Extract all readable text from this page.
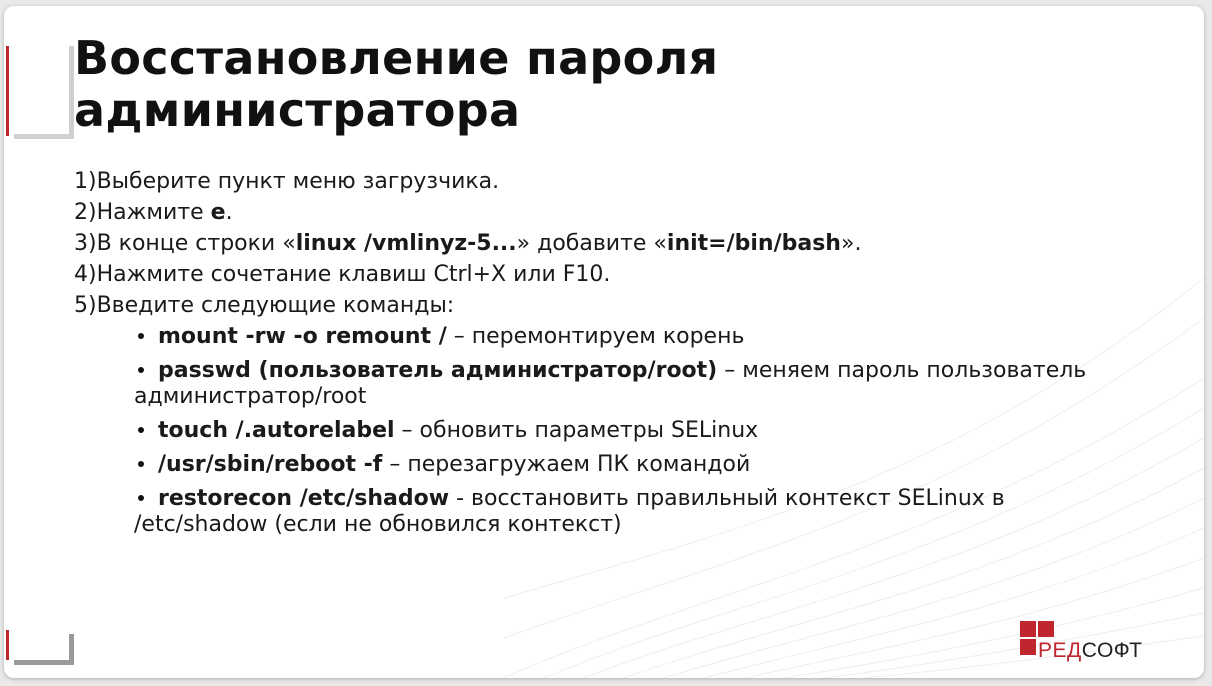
Восстановление пароля
администратора
1)Выберите пункт меню загрузчика.
2)Нажмите e.
3)В конце строки «linux /vmlinyz-5...» добавите «init=/bin/bash».
4)Нажмите сочетание клавиш Ctrl+X или F10.
5)Введите следующие команды:
mount -rw -o remount / – перемонтируем корень
passwd (пользователь администратор/root) – меняем пароль пользователь администратор/root
touch /.autorelabel – обновить параметры SELinux
/usr/sbin/reboot -f – перезагружаем ПК командой
restorecon /etc/shadow - восстановить правильный контекст SELinux в /etc/shadow (если не обновился контекст)
РЕДСОФТ
